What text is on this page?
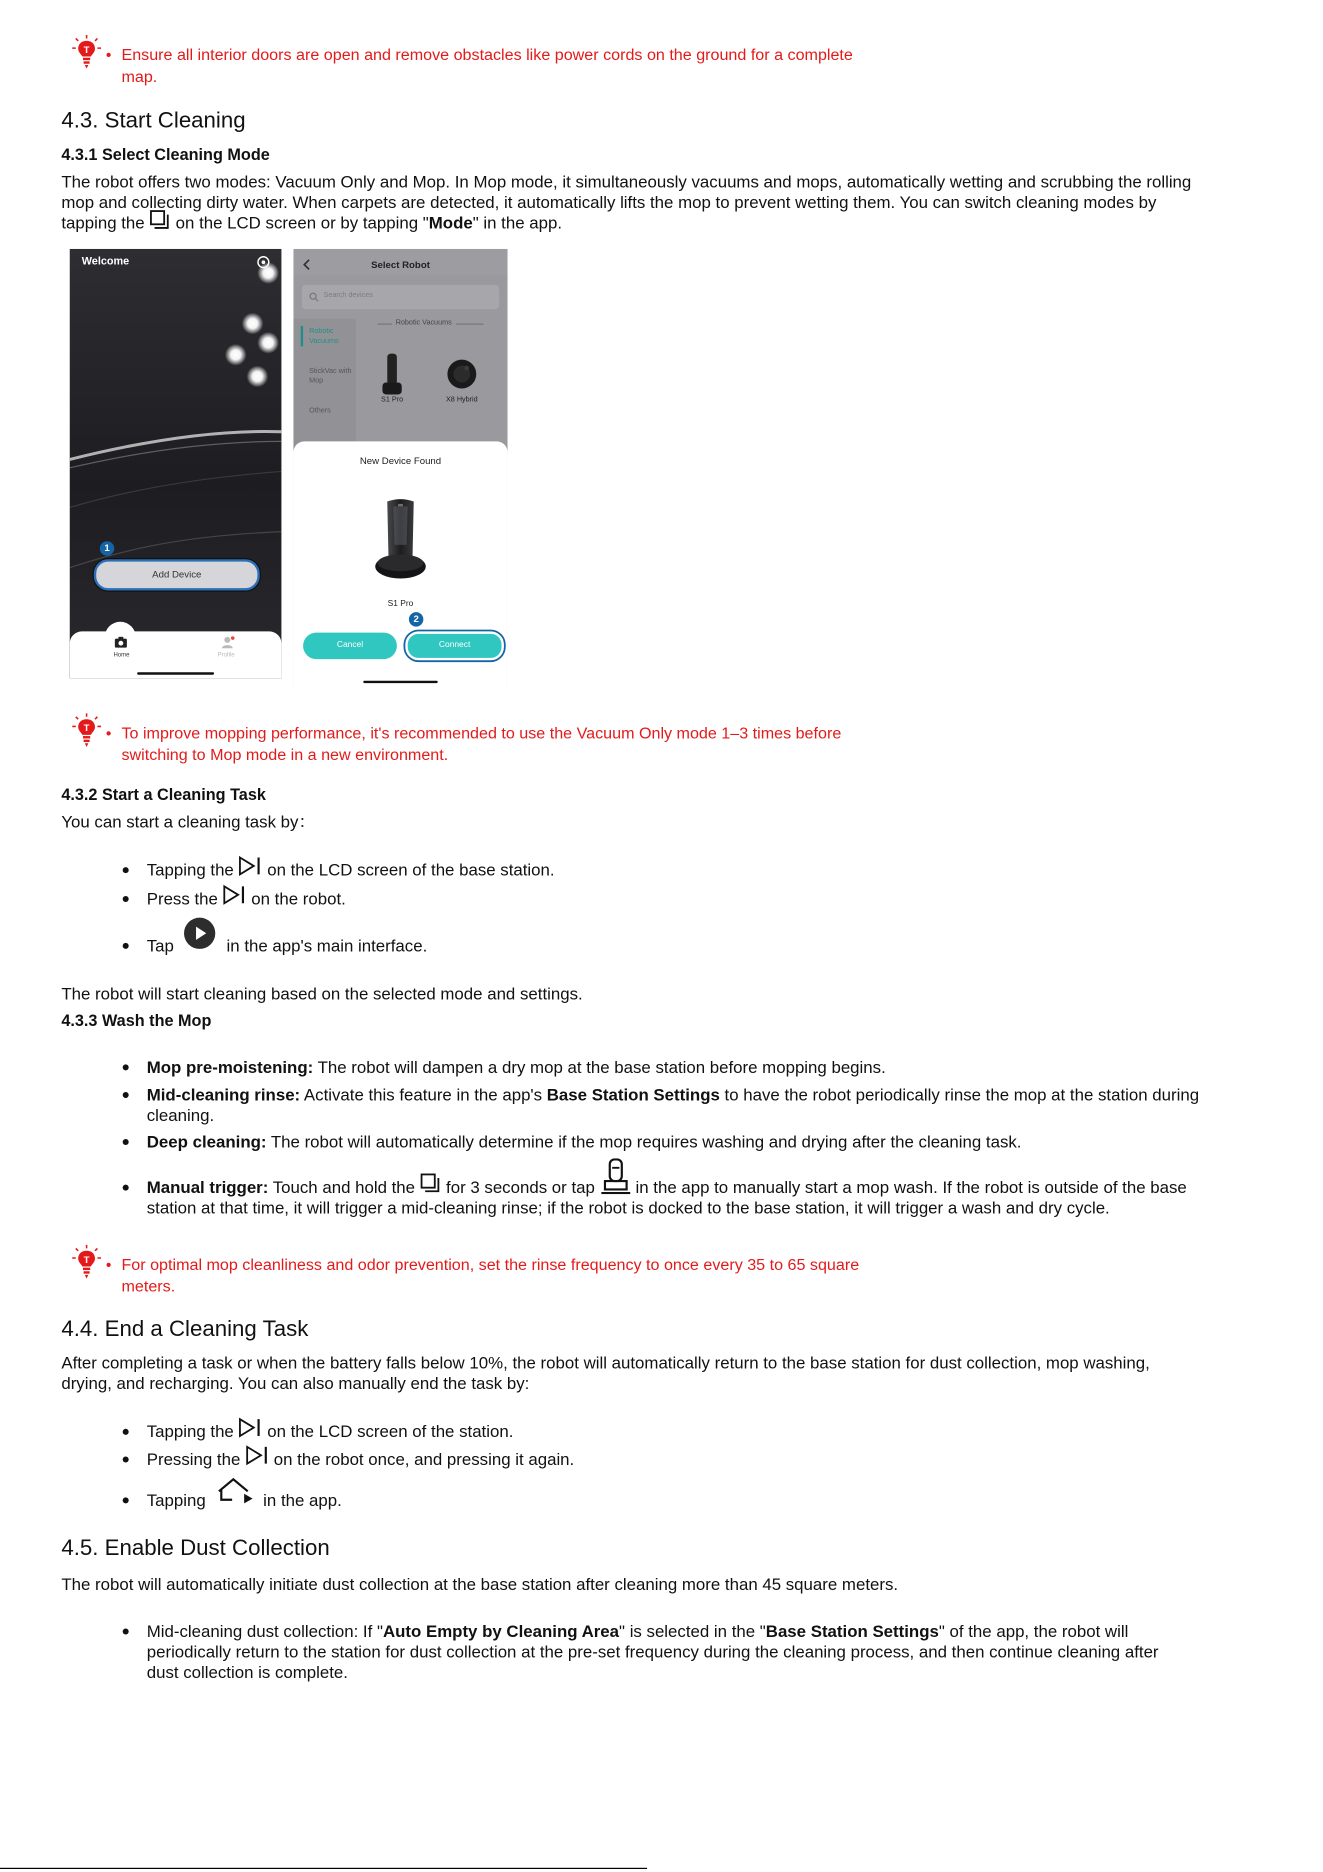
T • Ensure all interior doors are open and remove obstacles like power cords on the ground for a complete
map.
4.3. Start Cleaning
4.3.1 Select Cleaning Mode
The robot offers two modes: Vacuum Only and Mop. In Mop mode, it simultaneously vacuums and mops, automatically wetting and scrubbing the rolling
mop and collecting dirty water. When carpets are detected, it automatically lifts the mop to prevent wetting them. You can switch cleaning modes by
tapping the  on the LCD screen or by tapping "Mode" in the app.
Welcome
Add Device
1
Home	Profile
Select Robot
Search devices
Robotic Vacuums
StickVac with Mop
Others
Robotic Vacuums
S1 Pro	X8 Hybrid
New Device Found
S1 Pro
2
Cancel	Connect
T • To improve mopping performance, it's recommended to use the Vacuum Only mode 1–3 times before
switching to Mop mode in a new environment.
4.3.2 Start a Cleaning Task
You can start a cleaning task by：
Tapping the  on the LCD screen of the base station.
Press the  on the robot.
Tap	in the app's main interface.
The robot will start cleaning based on the selected mode and settings.
4.3.3 Wash the Mop
Mop pre-moistening: The robot will dampen a dry mop at the base station before mopping begins.
Mid-cleaning rinse: Activate this feature in the app's Base Station Settings to have the robot periodically rinse the mop at the station during
cleaning.
Deep cleaning: The robot will automatically determine if the mop requires washing and drying after the cleaning task.
Manual trigger: Touch and hold the  for 3 seconds or tap  in the app to manually start a mop wash. If the robot is outside of the base
station at that time, it will trigger a mid-cleaning rinse; if the robot is docked to the base station, it will trigger a wash and dry cycle.
T • For optimal mop cleanliness and odor prevention, set the rinse frequency to once every 35 to 65 square
meters.
4.4. End a Cleaning Task
After completing a task or when the battery falls below 10%, the robot will automatically return to the base station for dust collection, mop washing,
drying, and recharging. You can also manually end the task by:
Tapping the  on the LCD screen of the station.
Pressing the  on the robot once, and pressing it again.
Tapping	in the app.
4.5. Enable Dust Collection
The robot will automatically initiate dust collection at the base station after cleaning more than 45 square meters.
Mid-cleaning dust collection: If "Auto Empty by Cleaning Area" is selected in the "Base Station Settings" of the app, the robot will
periodically return to the station for dust collection at the pre-set frequency during the cleaning process, and then continue cleaning after
dust collection is complete.
